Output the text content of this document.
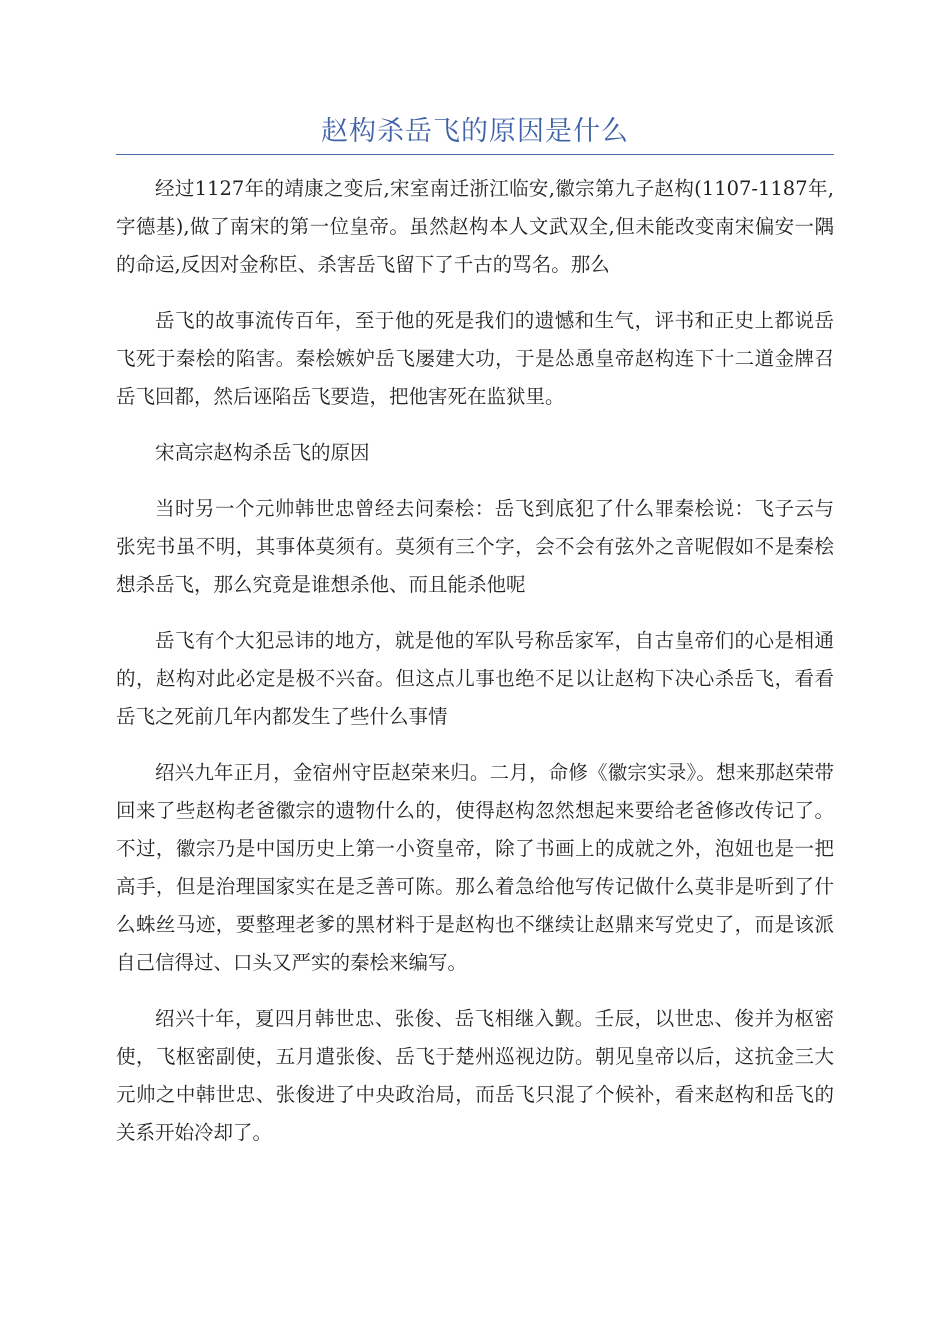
赵构杀岳飞的原因是什么

经过1127年的靖康之变后,宋室南迁浙江临安,徽宗第九子赵构(1107-1187年,字德基),做了南宋的第一位皇帝。虽然赵构本人文武双全,但未能改变南宋偏安一隅的命运,反因对金称臣、杀害岳飞留下了千古的骂名。那么

岳飞的故事流传百年，至于他的死是我们的遗憾和生气，评书和正史上都说岳飞死于秦桧的陷害。秦桧嫉妒岳飞屡建大功，于是怂恿皇帝赵构连下十二道金牌召岳飞回都，然后诬陷岳飞要造，把他害死在监狱里。

宋高宗赵构杀岳飞的原因

当时另一个元帅韩世忠曾经去问秦桧：岳飞到底犯了什么罪秦桧说：飞子云与张宪书虽不明，其事体莫须有。莫须有三个字，会不会有弦外之音呢假如不是秦桧想杀岳飞，那么究竟是谁想杀他、而且能杀他呢

岳飞有个大犯忌讳的地方，就是他的军队号称岳家军，自古皇帝们的心是相通的，赵构对此必定是极不兴奋。但这点儿事也绝不足以让赵构下决心杀岳飞，看看岳飞之死前几年内都发生了些什么事情

绍兴九年正月，金宿州守臣赵荣来归。二月，命修《徽宗实录》。想来那赵荣带回来了些赵构老爸徽宗的遗物什么的，使得赵构忽然想起来要给老爸修改传记了。不过，徽宗乃是中国历史上第一小资皇帝，除了书画上的成就之外，泡妞也是一把高手，但是治理国家实在是乏善可陈。那么着急给他写传记做什么莫非是听到了什么蛛丝马迹，要整理老爹的黑材料于是赵构也不继续让赵鼎来写党史了，而是该派自己信得过、口头又严实的秦桧来编写。

绍兴十年，夏四月韩世忠、张俊、岳飞相继入觐。壬辰，以世忠、俊并为枢密使，飞枢密副使，五月遣张俊、岳飞于楚州巡视边防。朝见皇帝以后，这抗金三大元帅之中韩世忠、张俊进了中央政治局，而岳飞只混了个候补，看来赵构和岳飞的关系开始冷却了。
